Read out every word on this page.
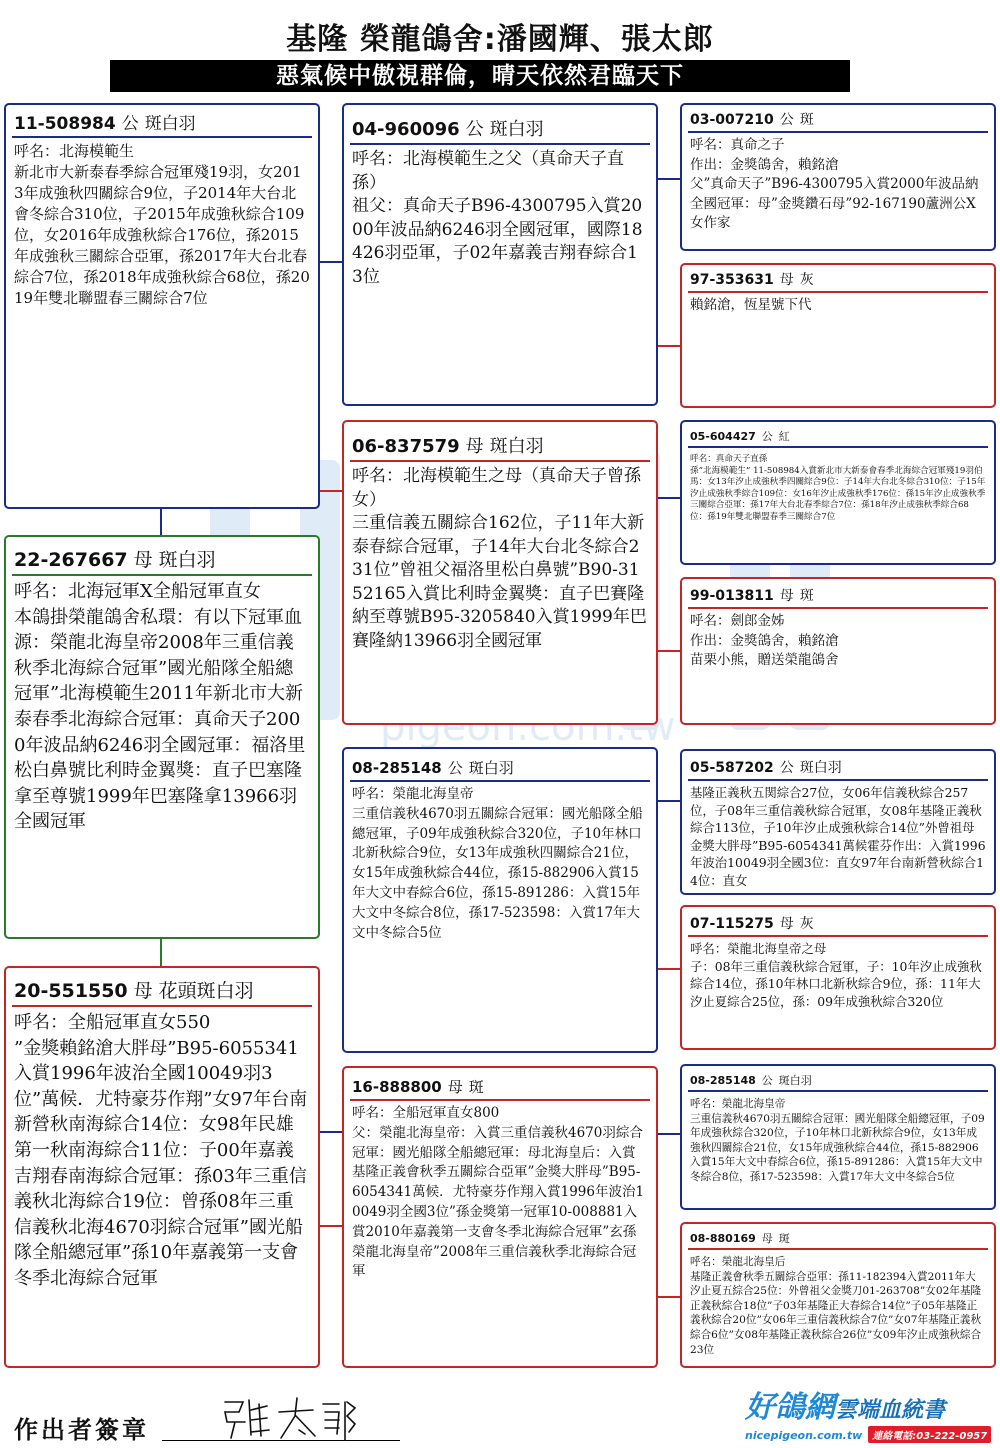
基隆 榮龍鴿舍:潘國輝、張太郎
惡氣候中傲視群倫，晴天依然君臨天下
pigeon.com.tw
11-508984 公 斑白羽
呼名：北海模範生
新北市大新泰春季綜合冠軍殘19羽，女2013年成強秋四關綜合9位，子2014年大台北會冬綜合310位，子2015年成強秋綜合109位，女2016年成強秋綜合176位，孫2015年成強秋三關綜合亞軍，孫2017年大台北春綜合7位，孫2018年成強秋綜合68位，孫2019年雙北聯盟春三關綜合7位
22-267667 母 斑白羽
呼名：北海冠軍X全船冠軍直女
本鴿掛榮龍鴿舍私環：有以下冠軍血源：榮龍北海皇帝2008年三重信義秋季北海綜合冠軍”國光船隊全船總冠軍”北海模範生2011年新北市大新泰春季北海綜合冠軍：真命天子2000年波品納6246羽全國冠軍：福洛里松白鼻號比利時金翼獎：直子巴塞隆拿至尊號1999年巴塞隆拿13966羽全國冠軍
20-551550 母 花頭斑白羽
呼名：全船冠軍直女550
”金獎賴銘滄大胖母”B95-6055341入賞1996年波治全國10049羽3位”萬候．尤特豪芬作翔”女97年台南新營秋南海綜合14位：女98年民雄第一秋南海綜合11位：子00年嘉義吉翔春南海綜合冠軍：孫03年三重信義秋北海綜合19位：曾孫08年三重信義秋北海4670羽綜合冠軍”國光船隊全船總冠軍”孫10年嘉義第一支會冬季北海綜合冠軍
04-960096 公 斑白羽
呼名：北海模範生之父（真命天子直孫）
祖父：真命天子B96-4300795入賞2000年波品納6246羽全國冠軍，國際18426羽亞軍，子02年嘉義吉翔春綜合13位
06-837579 母 斑白羽
呼名：北海模範生之母（真命天子曾孫女）
三重信義五關綜合162位，子11年大新泰春綜合冠軍，子14年大台北冬綜合231位”曾祖父福洛里松白鼻號”B90-3152165入賞比利時金翼獎：直子巴賽隆納至尊號B95-3205840入賞1999年巴賽隆納13966羽全國冠軍
08-285148 公 斑白羽
呼名：榮龍北海皇帝
三重信義秋4670羽五關綜合冠軍：國光船隊全船總冠軍，子09年成強秋綜合320位，子10年林口北新秋綜合9位，女13年成強秋四關綜合21位，女15年成強秋綜合44位，孫15-882906入賞15年大文中春綜合6位，孫15-891286：入賞15年大文中冬綜合8位，孫17-523598：入賞17年大文中冬綜合5位
16-888800 母 斑
呼名：全船冠軍直女800
父：榮龍北海皇帝：入賞三重信義秋4670羽綜合冠軍：國光船隊全船總冠軍：母北海皇后：入賞基隆正義會秋季五關綜合亞軍”金獎大胖母”B95-6054341萬候．尤特豪芬作翔入賞1996年波治10049羽全國3位”孫金獎第一冠軍10-008881入賞2010年嘉義第一支會冬季北海綜合冠軍”玄孫榮龍北海皇帝”2008年三重信義秋季北海綜合冠軍
03-007210 公 斑
呼名：真命之子
作出：金獎鴿舍，賴銘滄
父”真命天子”B96-4300795入賞2000年波品納全國冠軍：母”金獎鑽石母”92-167190蘆洲公X女作家
97-353631 母 灰
賴銘滄，恆星號下代
05-604427 公 紅
呼名：真命天子直孫
孫”北海模範生” 11-508984入賞新北市大新泰會春季北海綜合冠軍殘19羽伯馬：女13年汐止成強秋季四關綜合9位：子14年大台北冬綜合310位：子15年汐止成強秋季綜合109位：女16年汐止成強秋季176位：孫15年汐止成強秋季三關綜合亞軍：孫17年大台北春季綜合7位：孫18年汐止成強秋季綜合68位：孫19年雙北聯盟春季三關綜合7位
99-013811 母 斑
呼名：劍郎金姊
作出：金獎鴿舍，賴銘滄
苗栗小熊，贈送榮龍鴿舍
05-587202 公 斑白羽
基隆正義秋五関綜合27位，女06年信義秋綜合257位，子08年三重信義秋綜合冠軍，女08年基隆正義秋綜合113位，子10年汐止成強秋綜合14位”外曾祖母金獎大胖母”B95-6054341萬候霍芬作出：入賞1996年波治10049羽全國3位：直女97年台南新營秋綜合14位：直女
07-115275 母 灰
呼名：榮龍北海皇帝之母
子：08年三重信義秋綜合冠軍，子：10年汐止成強秋綜合14位，孫10年林口北新秋綜合9位，孫：11年大汐止夏綜合25位，孫：09年成強秋綜合320位
08-285148 公 斑白羽
呼名：榮龍北海皇帝
三重信義秋4670羽五關綜合冠軍：國光船隊全船總冠軍，子09年成強秋綜合320位，子10年林口北新秋綜合9位，女13年成強秋四關綜合21位，女15年成強秋綜合44位，孫15-882906入賞15年大文中春綜合6位，孫15-891286：入賞15年大文中冬綜合8位，孫17-523598：入賞17年大文中冬綜合5位
08-880169 母 斑
呼名：榮龍北海皇后
基隆正義會秋季五關綜合亞軍：孫11-182394入賞2011年大汐止夏五綜合25位：外曾祖父金獎刀01-263708”女02年基隆正義秋綜合18位”子03年基隆正大春綜合14位”子05年基隆正義秋綜合20位”女06年三重信義秋綜合7位”女07年基隆正義秋綜合6位”女08年基隆正義秋綜合26位”女09年汐止成強秋綜合23位
作出者簽章
好鴿網雲端血統書
nicepigeon.com.tw 連絡電話:03-222-0957
